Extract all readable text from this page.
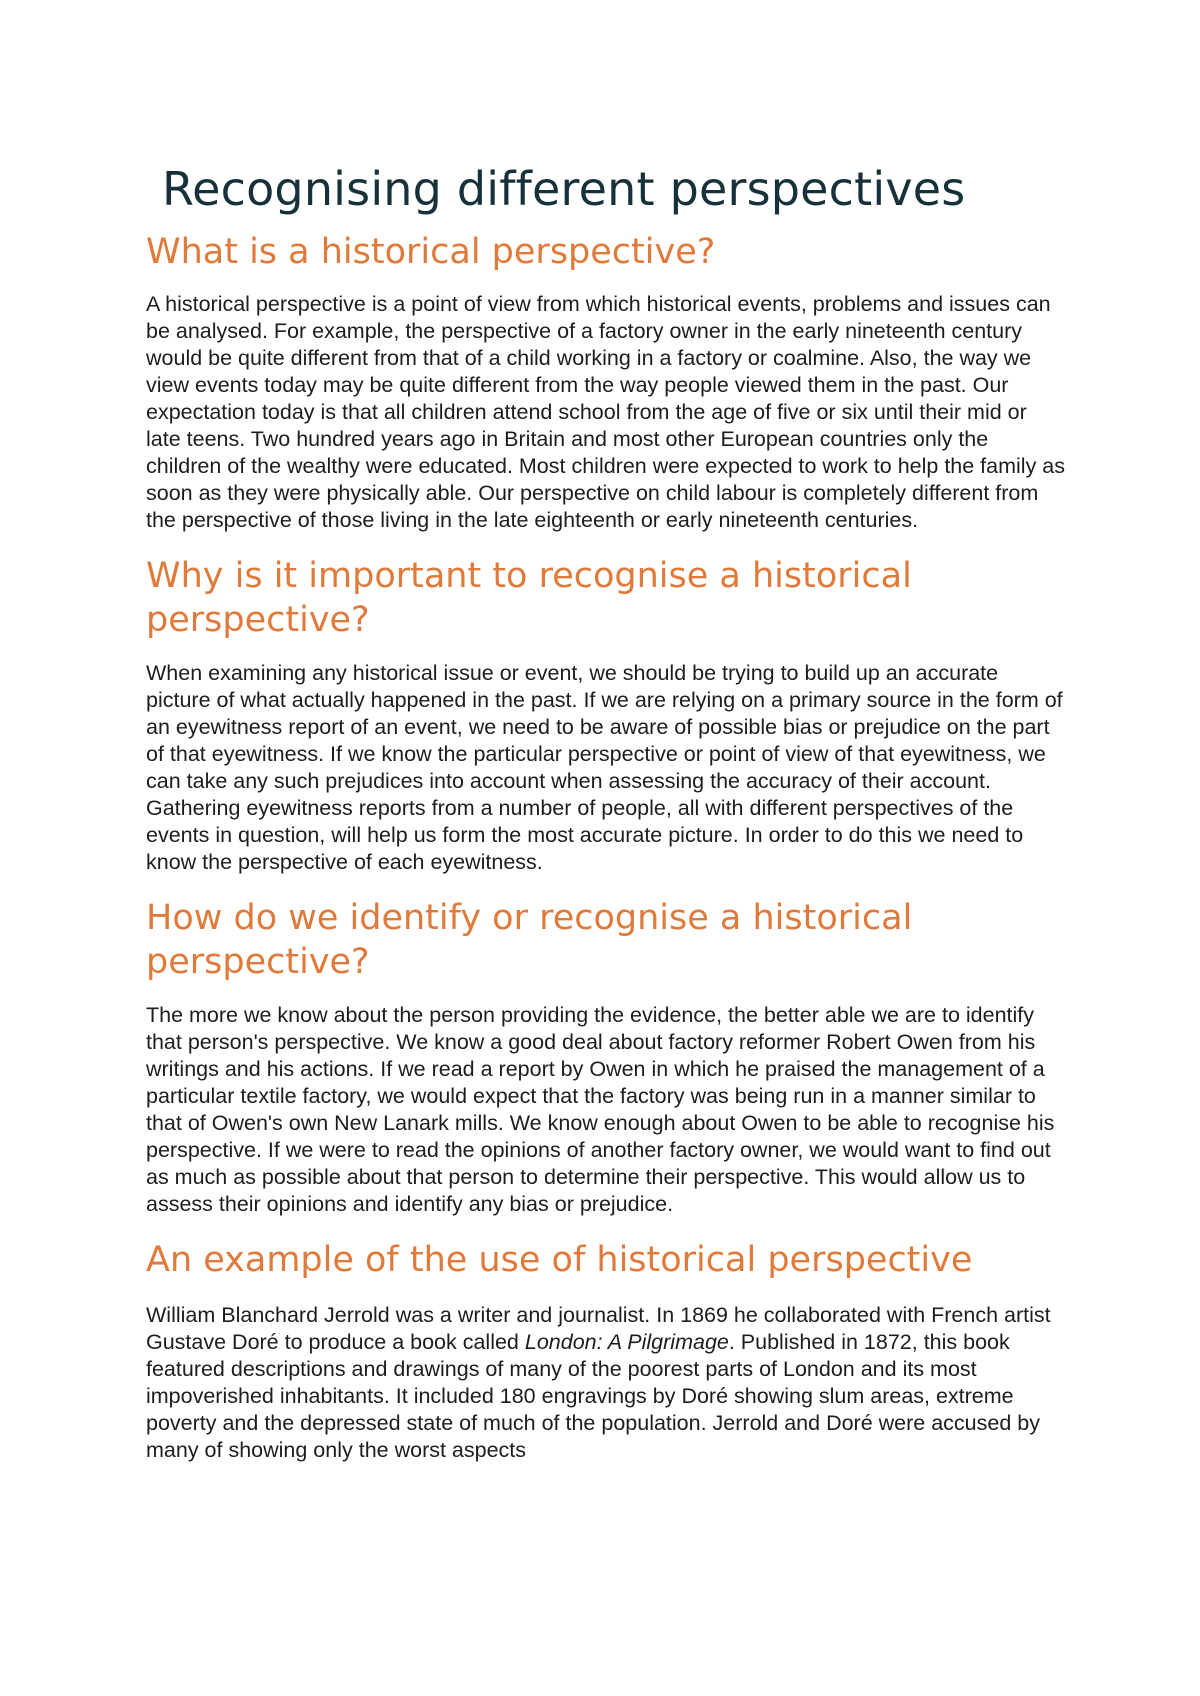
Recognising different perspectives
What is a historical perspective?

A historical perspective is a point of view from which historical events, problems and issues can be analysed. For example, the perspective of a factory owner in the early nineteenth century would be quite different from that of a child working in a factory or coalmine. Also, the way we view events today may be quite different from the way people viewed them in the past. Our expectation today is that all children attend school from the age of five or six until their mid or late teens. Two hundred years ago in Britain and most other European countries only the children of the wealthy were educated. Most children were expected to work to help the family as soon as they were physically able. Our perspective on child labour is completely different from the perspective of those living in the late eighteenth or early nineteenth centuries.

Why is it important to recognise a historical perspective?

When examining any historical issue or event, we should be trying to build up an accurate picture of what actually happened in the past. If we are relying on a primary source in the form of an eyewitness report of an event, we need to be aware of possible bias or prejudice on the part of that eyewitness. If we know the particular perspective or point of view of that eyewitness, we can take any such prejudices into account when assessing the accuracy of their account. Gathering eyewitness reports from a number of people, all with different perspectives of the events in question, will help us form the most accurate picture. In order to do this we need to know the perspective of each eyewitness.

How do we identify or recognise a historical perspective?

The more we know about the person providing the evidence, the better able we are to identify that person's perspective. We know a good deal about factory reformer Robert Owen from his writings and his actions. If we read a report by Owen in which he praised the management of a particular textile factory, we would expect that the factory was being run in a manner similar to that of Owen's own New Lanark mills. We know enough about Owen to be able to recognise his perspective. If we were to read the opinions of another factory owner, we would want to find out as much as possible about that person to determine their perspective. This would allow us to assess their opinions and identify any bias or prejudice.

An example of the use of historical perspective

William Blanchard Jerrold was a writer and journalist. In 1869 he collaborated with French artist Gustave Doré to produce a book called London: A Pilgrimage. Published in 1872, this book featured descriptions and drawings of many of the poorest parts of London and its most impoverished inhabitants. It included 180 engravings by Doré showing slum areas, extreme poverty and the depressed state of much of the population. Jerrold and Doré were accused by many of showing only the worst aspects
